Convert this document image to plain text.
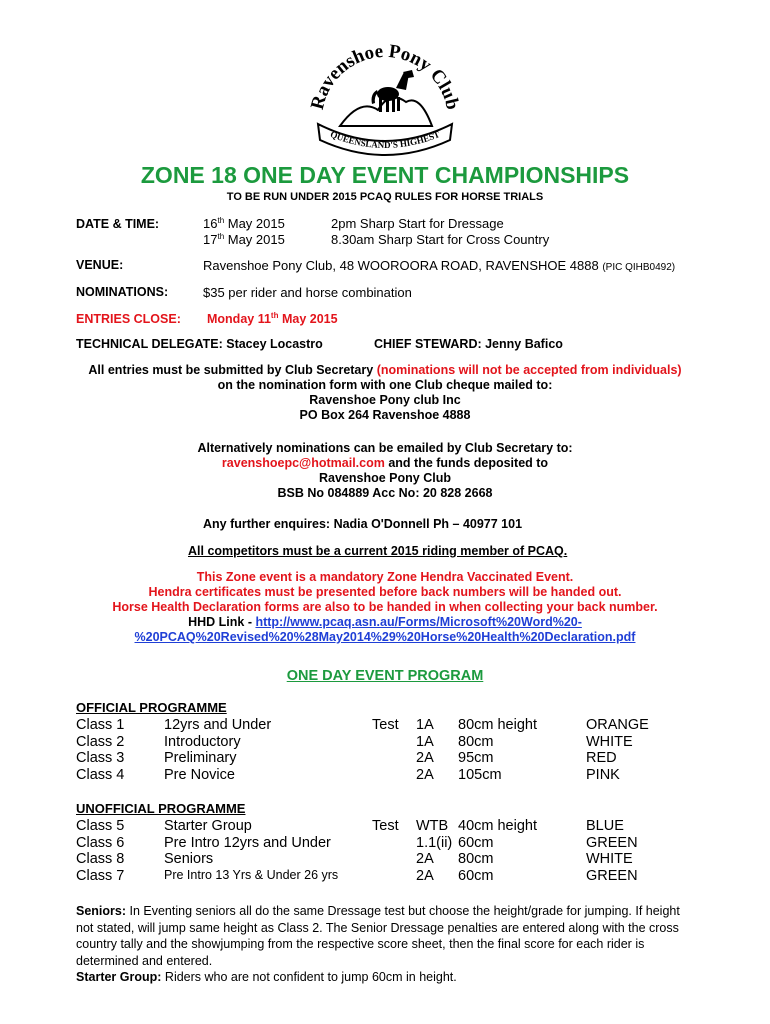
Ravenshoe Pony Club
QUEENSLAND'S HIGHEST
ZONE 18 ONE DAY EVENT CHAMPIONSHIPS
TO BE RUN UNDER 2015 PCAQ RULES FOR HORSE TRIALS
DATE & TIME:	16th May 2015	2pm Sharp Start for Dressage
17th May 2015	8.30am Sharp Start for Cross Country
VENUE:	Ravenshoe Pony Club, 48 WOOROORA ROAD, RAVENSHOE 4888 (PIC QIHB0492)
NOMINATIONS:	$35 per rider and horse combination
ENTRIES CLOSE: Monday 11th May 2015
TECHNICAL DELEGATE: Stacey Locastro	CHIEF STEWARD: Jenny Bafico
All entries must be submitted by Club Secretary (nominations will not be accepted from individuals)
on the nomination form with one Club cheque mailed to:
Ravenshoe Pony club Inc
PO Box 264 Ravenshoe 4888
Alternatively nominations can be emailed by Club Secretary to:
ravenshoepc@hotmail.com and the funds deposited to
Ravenshoe Pony Club
BSB No 084889 Acc No: 20 828 2668
Any further enquires: Nadia O'Donnell Ph – 40977 101
All competitors must be a current 2015 riding member of PCAQ.
This Zone event is a mandatory Zone Hendra Vaccinated Event.
Hendra certificates must be presented before back numbers will be handed out.
Horse Health Declaration forms are also to be handed in when collecting your back number.
HHD Link - http://www.pcaq.asn.au/Forms/Microsoft%20Word%20-
%20PCAQ%20Revised%20%28May2014%29%20Horse%20Health%20Declaration.pdf
ONE DAY EVENT PROGRAM
OFFICIAL PROGRAMME
Class 1	12yrs and Under	Test 1A 80cm height	ORANGE
Class 2	Introductory	1A 80cm	WHITE
Class 3	Preliminary	2A 95cm	RED
Class 4	Pre Novice	2A 105cm	PINK
UNOFFICIAL PROGRAMME
Class 5	Starter Group	Test WTB 40cm height	BLUE
Class 6	Pre Intro 12yrs and Under	1.1(ii) 60cm	GREEN
Class 8	Seniors	2A 80cm	WHITE
Class 7	Pre Intro 13 Yrs & Under 26 yrs	2A 60cm	GREEN
Seniors: In Eventing seniors all do the same Dressage test but choose the height/grade for jumping. If height not stated, will jump same height as Class 2. The Senior Dressage penalties are entered along with the cross country tally and the showjumping from the respective score sheet, then the final score for each rider is determined and entered.
Starter Group: Riders who are not confident to jump 60cm in height.
